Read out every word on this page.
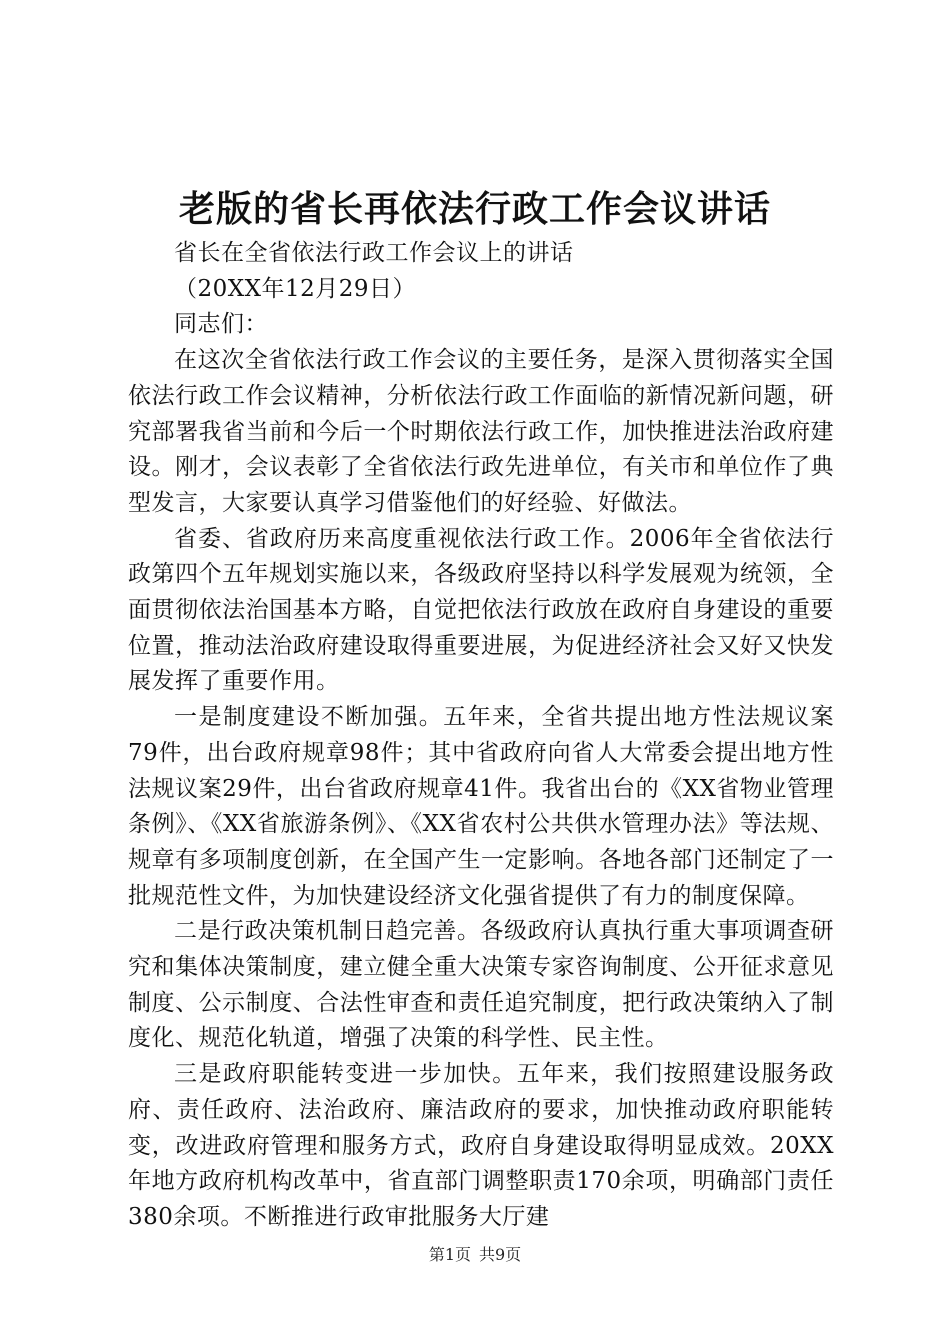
老版的省长再依法行政工作会议讲话

省长在全省依法行政工作会议上的讲话

（20XX年12月29日）

同志们：

在这次全省依法行政工作会议的主要任务，是深入贯彻落实全国依法行政工作会议精神，分析依法行政工作面临的新情况新问题，研究部署我省当前和今后一个时期依法行政工作，加快推进法治政府建设。刚才，会议表彰了全省依法行政先进单位，有关市和单位作了典型发言，大家要认真学习借鉴他们的好经验、好做法。

省委、省政府历来高度重视依法行政工作。2006年全省依法行政第四个五年规划实施以来，各级政府坚持以科学发展观为统领，全面贯彻依法治国基本方略，自觉把依法行政放在政府自身建设的重要位置，推动法治政府建设取得重要进展，为促进经济社会又好又快发展发挥了重要作用。

一是制度建设不断加强。五年来，全省共提出地方性法规议案79件，出台政府规章98件；其中省政府向省人大常委会提出地方性法规议案29件，出台省政府规章41件。我省出台的《XX省物业管理条例》、《XX省旅游条例》、《XX省农村公共供水管理办法》等法规、规章有多项制度创新，在全国产生一定影响。各地各部门还制定了一批规范性文件，为加快建设经济文化强省提供了有力的制度保障。

二是行政决策机制日趋完善。各级政府认真执行重大事项调查研究和集体决策制度，建立健全重大决策专家咨询制度、公开征求意见制度、公示制度、合法性审查和责任追究制度，把行政决策纳入了制度化、规范化轨道，增强了决策的科学性、民主性。

三是政府职能转变进一步加快。五年来，我们按照建设服务政府、责任政府、法治政府、廉洁政府的要求，加快推动政府职能转变，改进政府管理和服务方式，政府自身建设取得明显成效。20XX年地方政府机构改革中，省直部门调整职责170余项，明确部门责任380余项。不断推进行政审批服务大厅建

第1页 共9页
